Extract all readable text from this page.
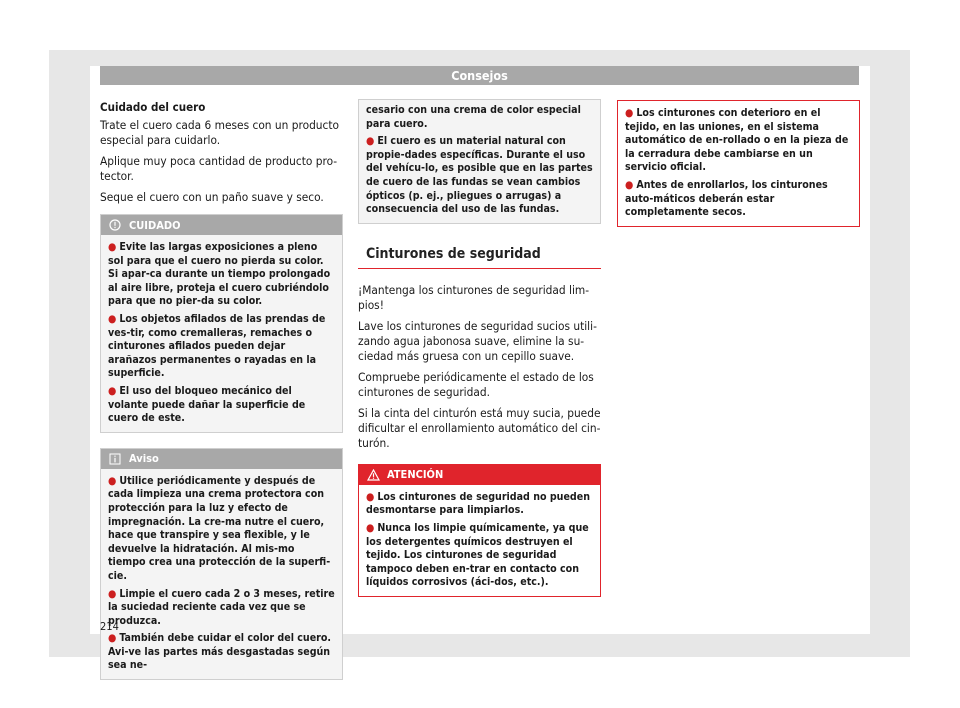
Consejos
Cuidado del cuero

Trate el cuero cada 6 meses con un producto especial para cuidarlo.

Aplique muy poca cantidad de producto pro-tector.

Seque el cuero con un paño suave y seco.

CUIDADO
● Evite las largas exposiciones a pleno sol para que el cuero no pierda su color. Si apar-ca durante un tiempo prolongado al aire libre, proteja el cuero cubriéndolo para que no pier-da su color.
● Los objetos afilados de las prendas de ves-tir, como cremalleras, remaches o cinturones afilados pueden dejar arañazos permanentes o rayadas en la superficie.
● El uso del bloqueo mecánico del volante puede dañar la superficie de cuero de este.
Aviso
● Utilice periódicamente y después de cada limpieza una crema protectora con protección para la luz y efecto de impregnación. La cre-ma nutre el cuero, hace que transpire y sea flexible, y le devuelve la hidratación. Al mis-mo tiempo crea una protección de la superfi-cie.
● Limpie el cuero cada 2 o 3 meses, retire la suciedad reciente cada vez que se produzca.
● También debe cuidar el color del cuero. Avi-ve las partes más desgastadas según sea ne-
cesario con una crema de color especial para cuero.
● El cuero es un material natural con propie-dades específicas. Durante el uso del vehícu-lo, es posible que en las partes de cuero de las fundas se vean cambios ópticos (p. ej., pliegues o arrugas) a consecuencia del uso de las fundas.
Cinturones de seguridad

¡Mantenga los cinturones de seguridad lim-pios!

Lave los cinturones de seguridad sucios utili-zando agua jabonosa suave, elimine la su-ciedad más gruesa con un cepillo suave.

Compruebe periódicamente el estado de los cinturones de seguridad.

Si la cinta del cinturón está muy sucia, puede dificultar el enrollamiento automático del cin-turón.

ATENCIÓN
● Los cinturones de seguridad no pueden desmontarse para limpiarlos.
● Nunca los limpie químicamente, ya que los detergentes químicos destruyen el tejido. Los cinturones de seguridad tampoco deben en-trar en contacto con líquidos corrosivos (áci-dos, etc.).
● Los cinturones con deterioro en el tejido, en las uniones, en el sistema automático de en-rollado o en la pieza de la cerradura debe cambiarse en un servicio oficial.
● Antes de enrollarlos, los cinturones auto-máticos deberán estar completamente secos.
214
